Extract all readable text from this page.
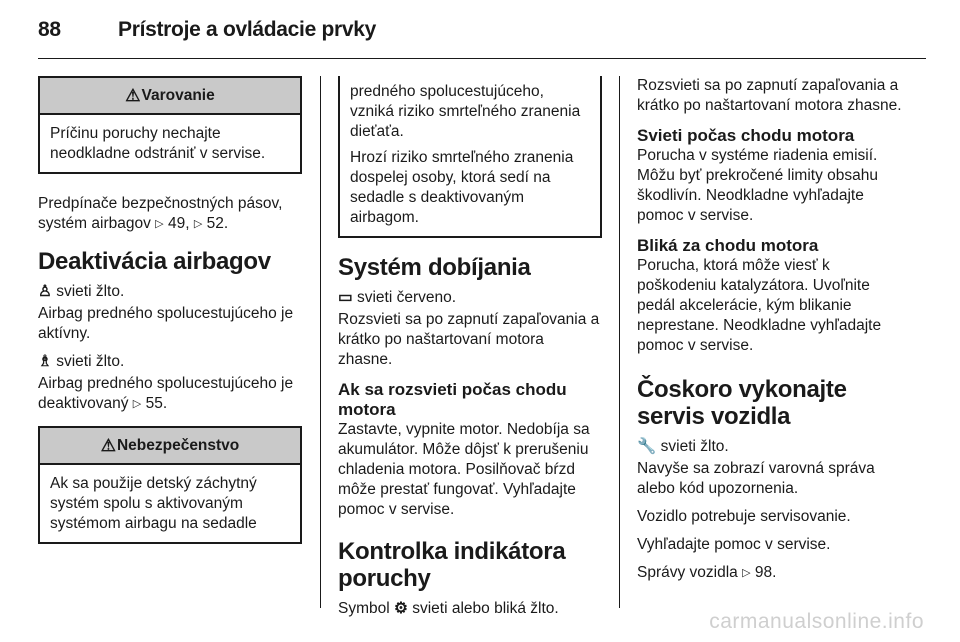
88	Prístroje a ovládacie prvky
⚠Varovanie
Príčinu poruchy nechajte neodkladne odstrániť v servise.

Predpínače bezpečnostných pásov, systém airbagov ▷ 49, ▷ 52.

Deaktivácia airbagov

♙ svieti žlto.

Airbag predného spolucestujúceho je aktívny.

♗ svieti žlto.

Airbag predného spolucestujúceho je deaktivovaný ▷ 55.

⚠Nebezpečenstvo
Ak sa použije detský záchytný systém spolu s aktivovaným systémom airbagu na sedadle

predného spolucestujúceho, vzniká riziko smrteľného zranenia dieťaťa.

Hrozí riziko smrteľného zranenia dospelej osoby, ktorá sedí na sedadle s deaktivovaným airbagom.

Systém dobíjania

▭ svieti červeno.

Rozsvieti sa po zapnutí zapaľovania a krátko po naštartovaní motora zhasne.

Ak sa rozsvieti počas chodu motora

Zastavte, vypnite motor. Nedobíja sa akumulátor. Môže dôjsť k prerušeniu chladenia motora. Posilňovač bŕzd môže prestať fungovať. Vyhľadajte pomoc v servise.

Kontrolka indikátora poruchy

Symbol ⚙ svieti alebo bliká žlto.

Rozsvieti sa po zapnutí zapaľovania a krátko po naštartovaní motora zhasne.

Svieti počas chodu motora

Porucha v systéme riadenia emisií. Môžu byť prekročené limity obsahu škodlivín. Neodkladne vyhľadajte pomoc v servise.

Bliká za chodu motora

Porucha, ktorá môže viesť k poškodeniu katalyzátora. Uvoľnite pedál akcelerácie, kým blikanie neprestane. Neodkladne vyhľadajte pomoc v servise.

Čoskoro vykonajte servis vozidla

🔧 svieti žlto.

Navyše sa zobrazí varovná správa alebo kód upozornenia.

Vozidlo potrebuje servisovanie.

Vyhľadajte pomoc v servise.

Správy vozidla ▷ 98.

carmanualsonline.info
